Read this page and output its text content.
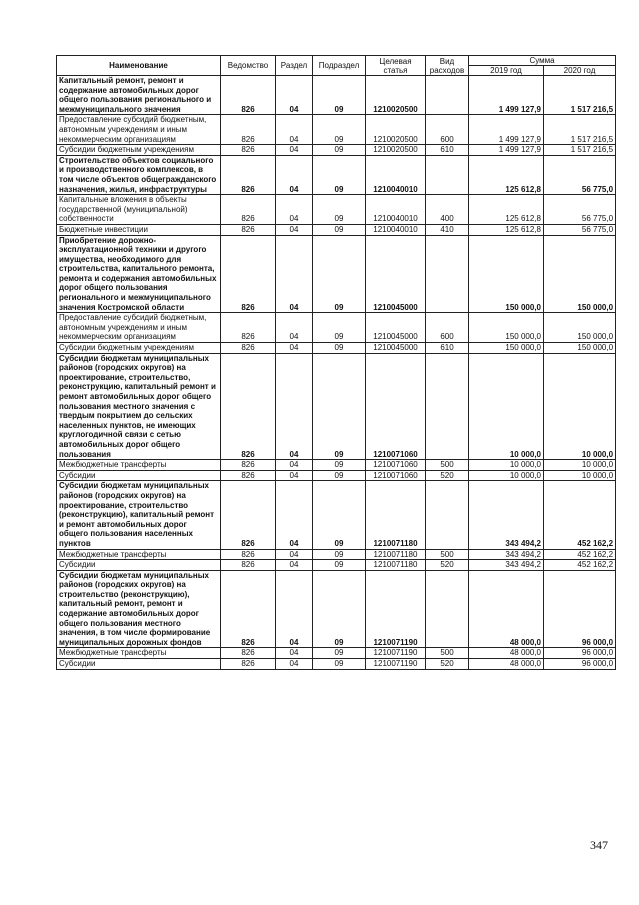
Наименование	Ведомство	Раздел	Подраздел	Целевая
статья	Вид
расходов	Сумма	
						2019 год	2020 год
Капитальный ремонт, ремонт и содержание автомобильных дорог общего пользования регионального и межмуниципального значения	826	04	09	1210020500		1 499 127,9	1 517 216,5
Предоставление субсидий бюджетным, автономным учреждениям и иным некоммерческим организациям	826	04	09	1210020500	600	1 499 127,9	1 517 216,5
Субсидии бюджетным учреждениям	826	04	09	1210020500	610	1 499 127,9	1 517 216,5
Строительство объектов социального и производственного комплексов, в том числе объектов общегражданского назначения, жилья, инфраструктуры	826	04	09	1210040010		125 612,8	56 775,0
Капитальные вложения в объекты государственной (муниципальной) собственности	826	04	09	1210040010	400	125 612,8	56 775,0
Бюджетные инвестиции	826	04	09	1210040010	410	125 612,8	56 775,0
Приобретение дорожно-эксплуатационной техники и другого имущества, необходимого для строительства, капитального ремонта, ремонта и содержания автомобильных дорог общего пользования регионального и межмуниципального значения Костромской области	826	04	09	1210045000		150 000,0	150 000,0
Предоставление субсидий бюджетным, автономным учреждениям и иным некоммерческим организациям	826	04	09	1210045000	600	150 000,0	150 000,0
Субсидии бюджетным учреждениям	826	04	09	1210045000	610	150 000,0	150 000,0
Субсидии бюджетам муниципальных районов (городских округов) на проектирование, строительство, реконструкцию, капитальный ремонт и ремонт автомобильных дорог общего пользования местного значения с твердым покрытием до сельских населенных пунктов, не имеющих круглогодичной связи с сетью автомобильных дорог общего пользования	826	04	09	1210071060		10 000,0	10 000,0
Межбюджетные трансферты	826	04	09	1210071060	500	10 000,0	10 000,0
Субсидии	826	04	09	1210071060	520	10 000,0	10 000,0
Субсидии бюджетам муниципальных районов (городских округов) на проектирование, строительство (реконструкцию), капитальный ремонт и ремонт автомобильных дорог общего пользования населенных пунктов	826	04	09	1210071180		343 494,2	452 162,2
Межбюджетные трансферты	826	04	09	1210071180	500	343 494,2	452 162,2
Субсидии	826	04	09	1210071180	520	343 494,2	452 162,2
Субсидии бюджетам муниципальных районов (городских округов) на строительство (реконструкцию), капитальный ремонт, ремонт и содержание автомобильных дорог общего пользования местного значения, в том числе формирование муниципальных дорожных фондов	826	04	09	1210071190		48 000,0	96 000,0
Межбюджетные трансферты	826	04	09	1210071190	500	48 000,0	96 000,0
Субсидии	826	04	09	1210071190	520	48 000,0	96 000,0
347
